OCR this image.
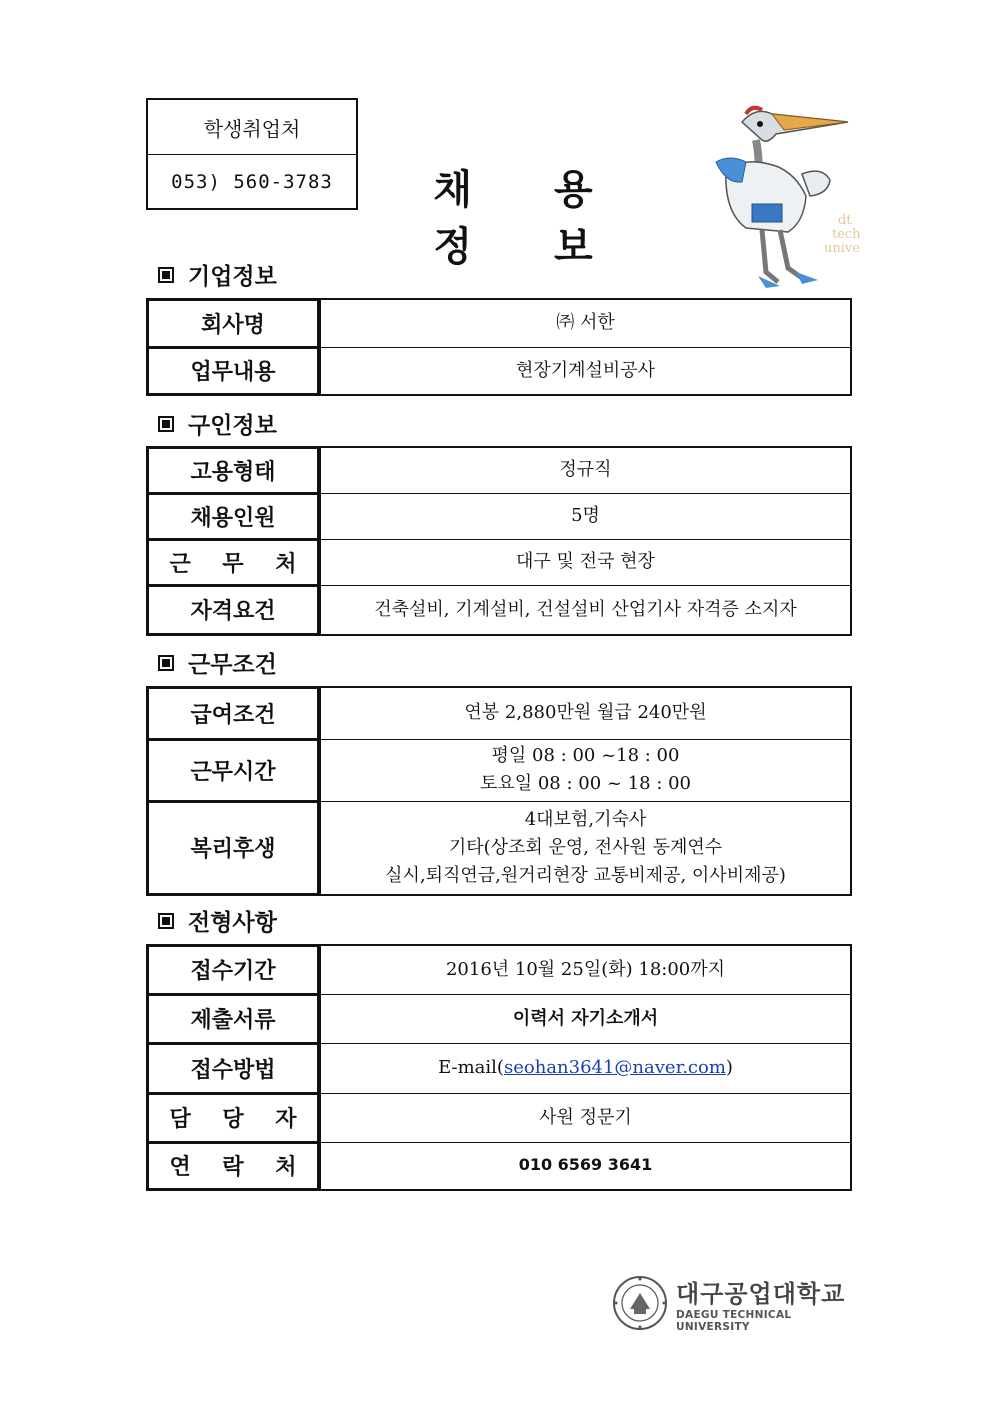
학생취업처
053) 560-3783	채 용 정 보
dt
tech
unive
기업정보
회사명	㈜ 서한
업무내용	현장기계설비공사
구인정보
고용형태	정규직
채용인원	5명
근 무 처	대구 및 전국 현장
자격요건	건축설비, 기계설비, 건설설비 산업기사 자격증 소지자
근무조건
급여조건	연봉 2,880만원 월급 240만원
근무시간	평일 08 : 00 ~18 : 00
토요일 08 : 00 ~ 18 : 00

복리후생	4대보험,기숙사
기타(상조회 운영, 전사원 동계연수
실시,퇴직연금,원거리현장 교통비제공, 이사비제공)
전형사항
접수기간	2016년 10월 25일(화) 18:00까지
제출서류	이력서 자기소개서
접수방법	E-mail(seohan3641@naver.com)
담 당 자	사원 정문기
연 락 처	010 6569 3641
대구공업대학교
DAEGU TECHNICAL UNIVERSITY
